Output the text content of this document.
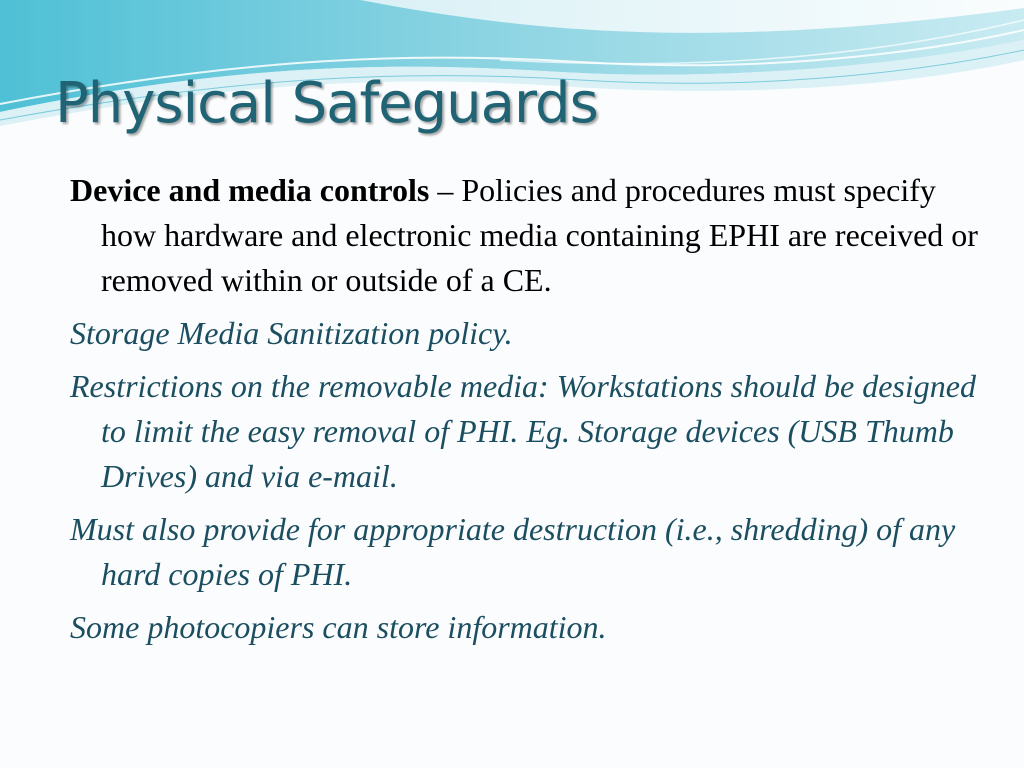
Physical Safeguards

Device and media controls – Policies and procedures must specify how hardware and electronic media containing EPHI are received or removed within or outside of a CE.

Storage Media Sanitization policy.

Restrictions on the removable media: Workstations should be designed to limit the easy removal of PHI. Eg. Storage devices (USB Thumb Drives) and via e-mail.

Must also provide for appropriate destruction (i.e., shredding) of any hard copies of PHI.

Some photocopiers can store information.
